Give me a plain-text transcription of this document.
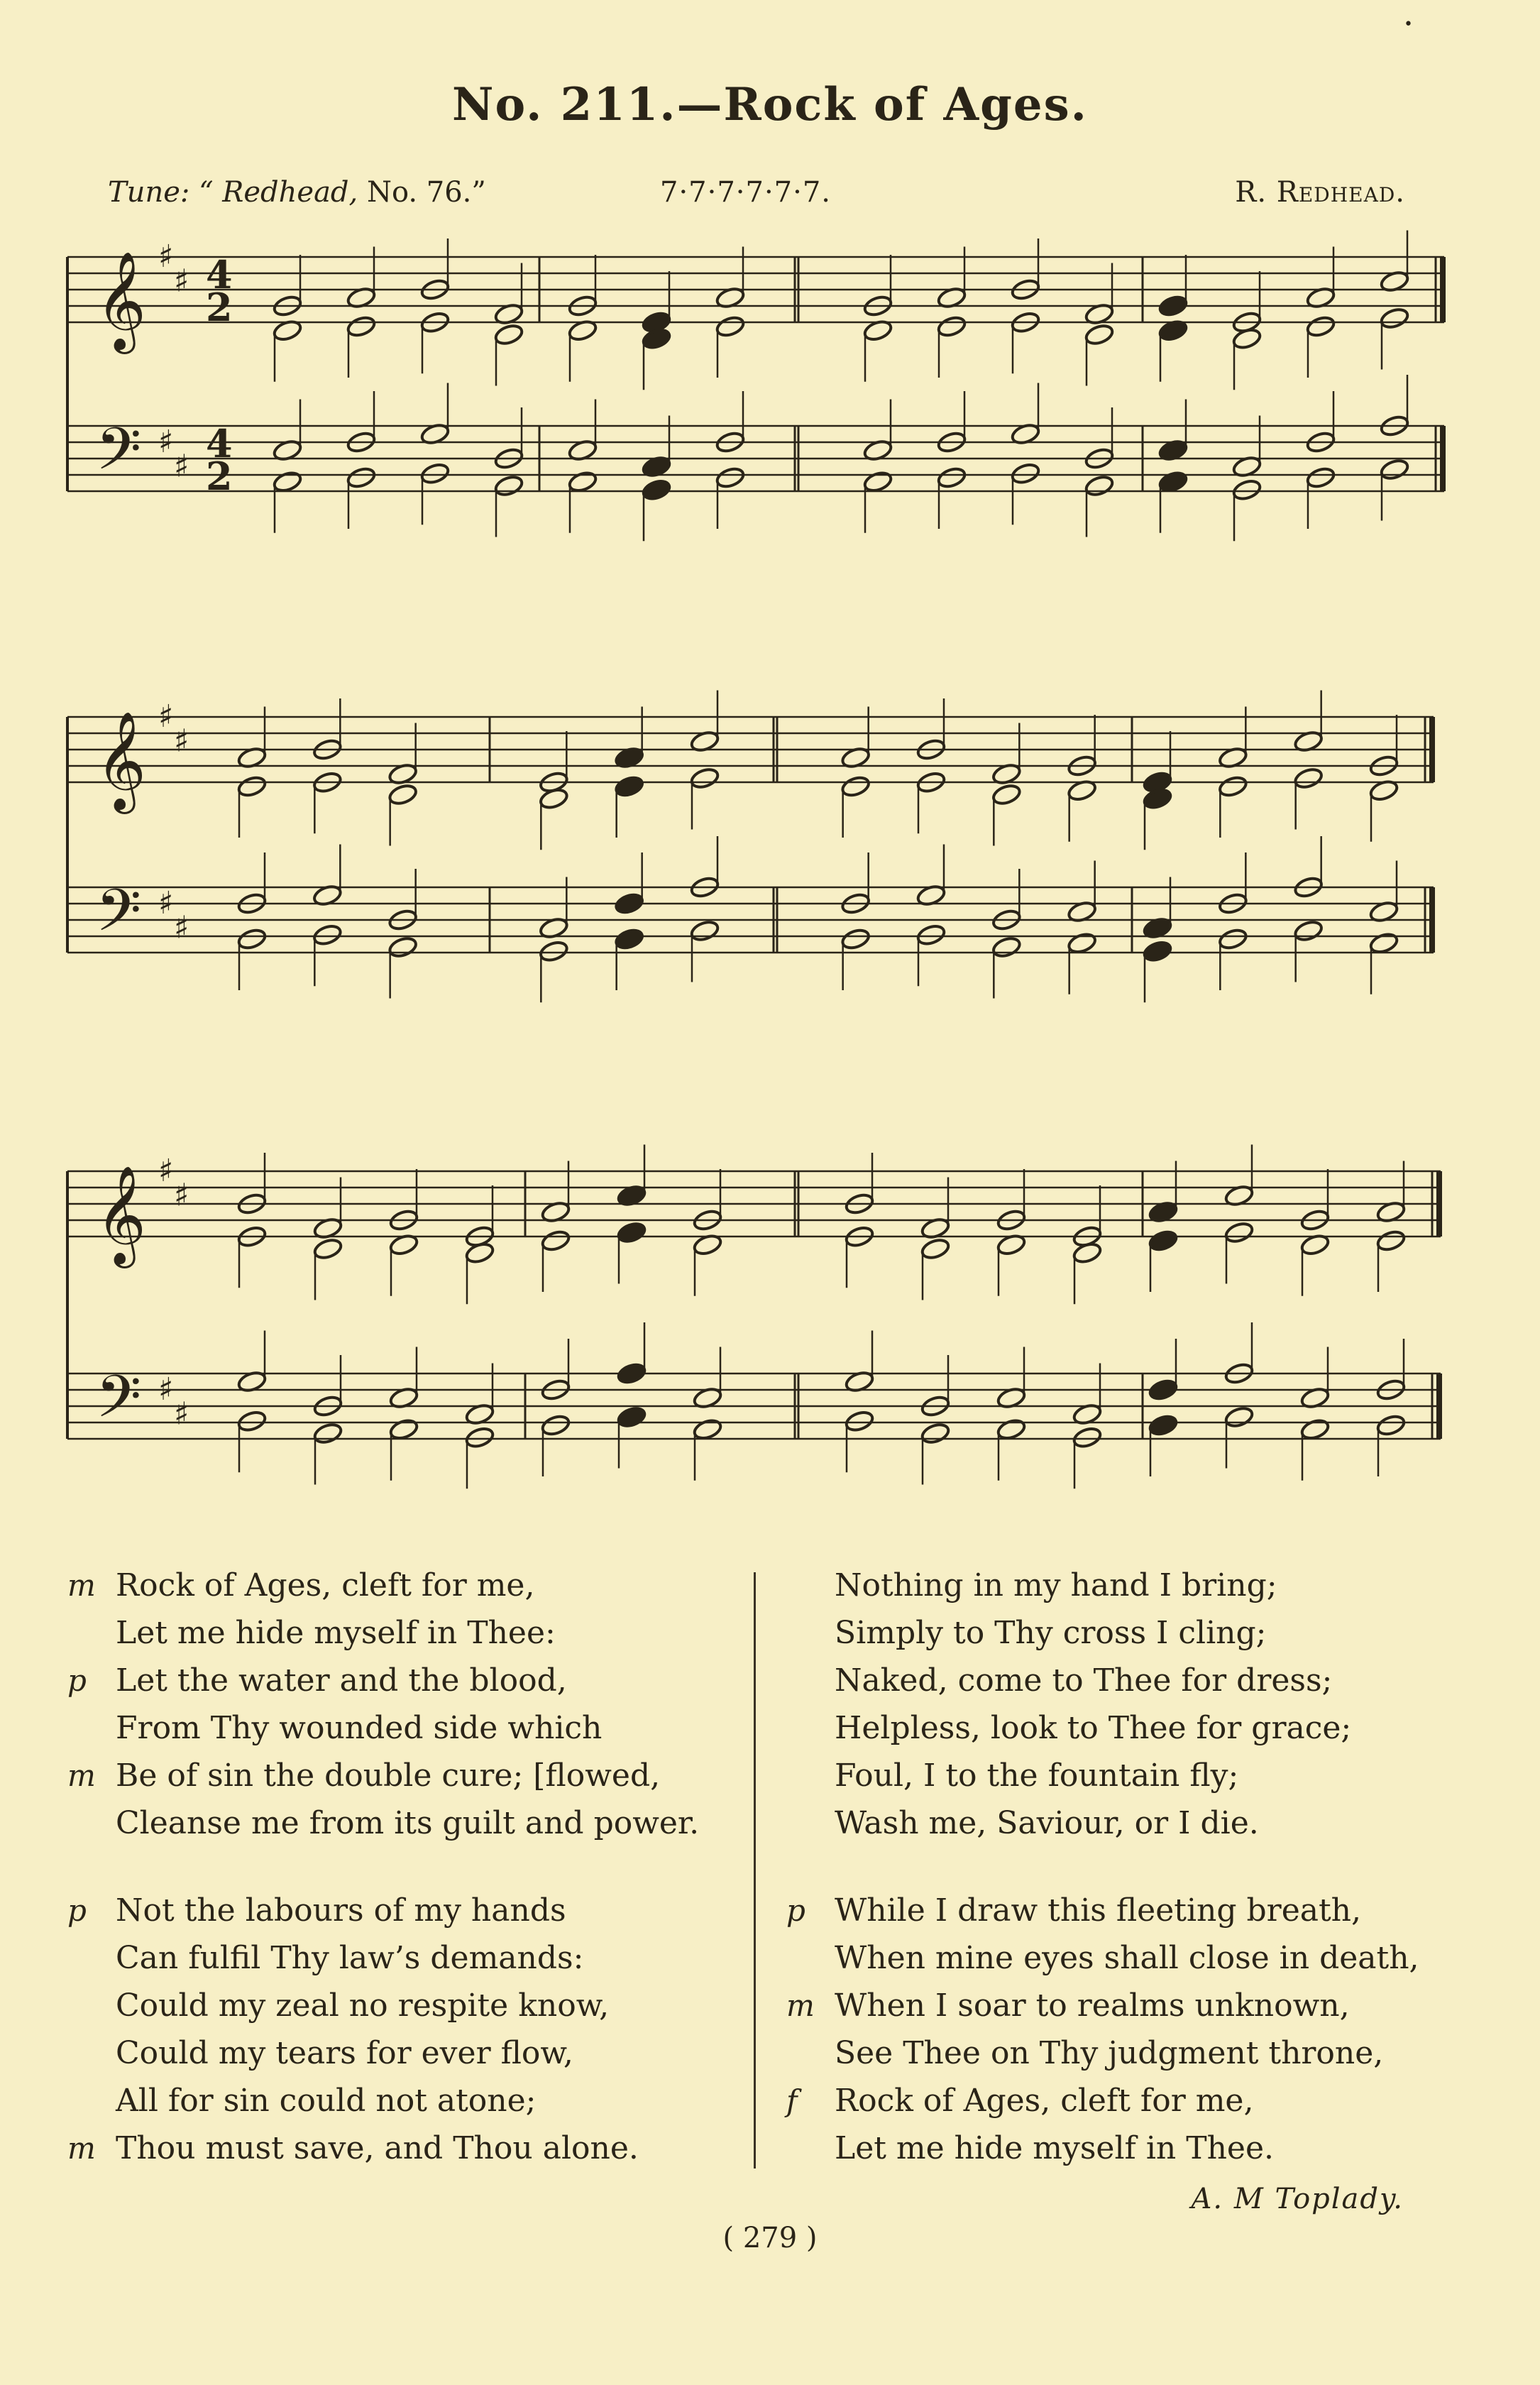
•
No. 211.—Rock of Ages.
Tune: “ Redhead, No. 76.”	7·7·7·7·7·7.	R. Redhead.
𝄞
𝄢
♯
♯
♯
♯
4
2
4
2
𝄞
𝄢
♯
♯
♯
♯
𝄞
𝄢
♯
♯
♯
♯
m Rock of Ages, cleft for me,
Let me hide myself in Thee:
p Let the water and the blood,
From Thy wounded side which
m Be of sin the double cure; [flowed,
Cleanse me from its guilt and power.
p Not the labours of my hands
Can fulfil Thy law’s demands:
Could my zeal no respite know,
Could my tears for ever flow,
All for sin could not atone;
m Thou must save, and Thou alone.
Nothing in my hand I bring;
Simply to Thy cross I cling;
Naked, come to Thee for dress;
Helpless, look to Thee for grace;
Foul, I to the fountain fly;
Wash me, Saviour, or I die.
p While I draw this fleeting breath,
When mine eyes shall close in death,
m When I soar to realms unknown,
See Thee on Thy judgment throne,
f	Rock of Ages, cleft for me,
Let me hide myself in Thee.
A. M Toplady.
( 279 )
